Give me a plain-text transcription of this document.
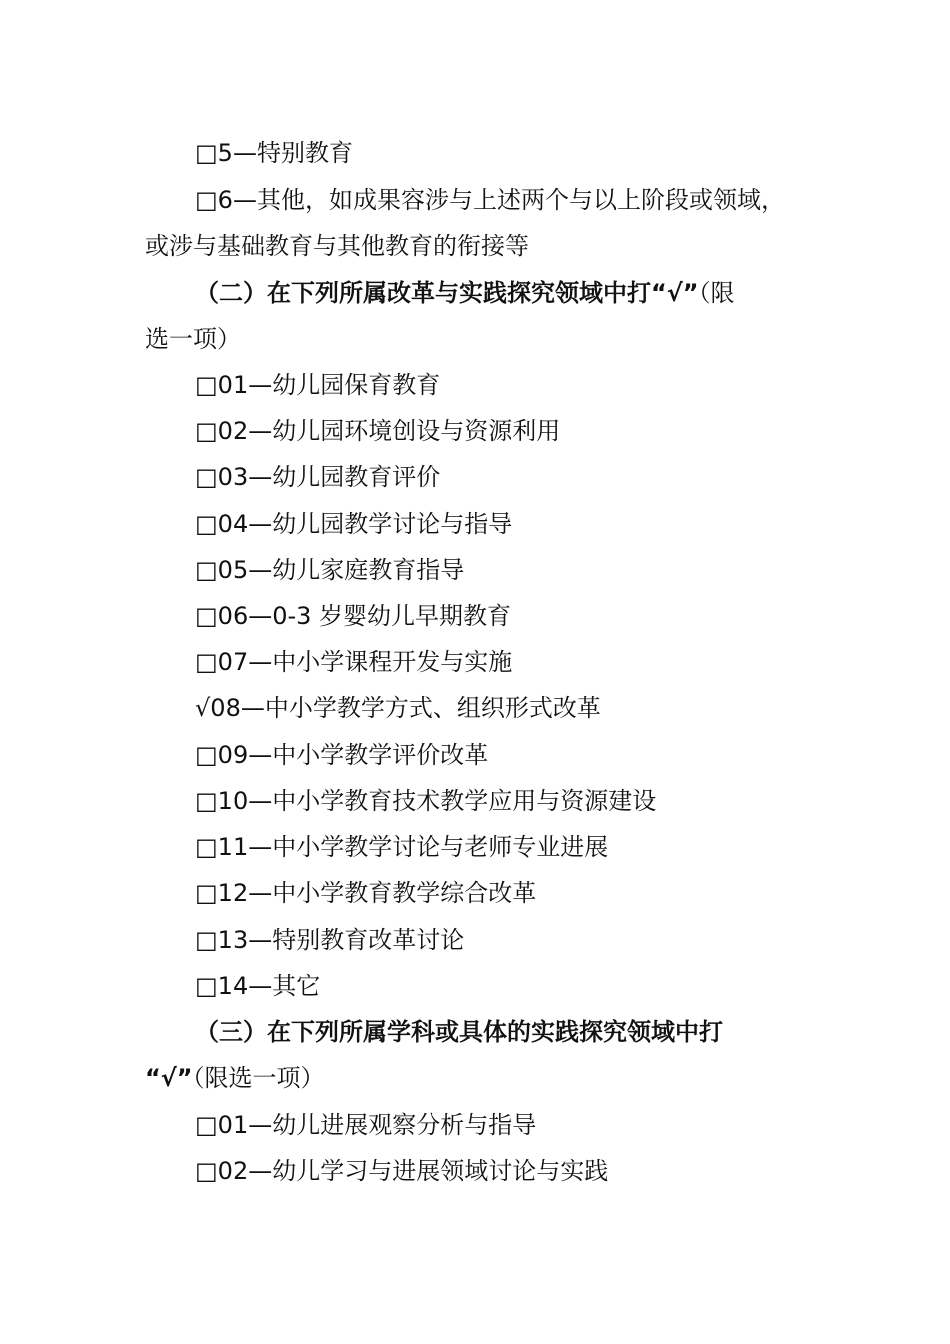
□5—特别教育
□6—其他，如成果容涉与上述两个与以上阶段或领域，
或涉与基础教育与其他教育的衔接等
（二）在下列所属改革与实践探究领域中打“√”（限
选一项）
□01—幼儿园保育教育
□02—幼儿园环境创设与资源利用
□03—幼儿园教育评价
□04—幼儿园教学讨论与指导
□05—幼儿家庭教育指导
□06—0-3 岁婴幼儿早期教育
□07—中小学课程开发与实施
√08—中小学教学方式、组织形式改革
□09—中小学教学评价改革
□10—中小学教育技术教学应用与资源建设
□11—中小学教学讨论与老师专业进展
□12—中小学教育教学综合改革
□13—特别教育改革讨论
□14—其它
（三）在下列所属学科或具体的实践探究领域中打
“√”（限选一项）
□01—幼儿进展观察分析与指导
□02—幼儿学习与进展领域讨论与实践
